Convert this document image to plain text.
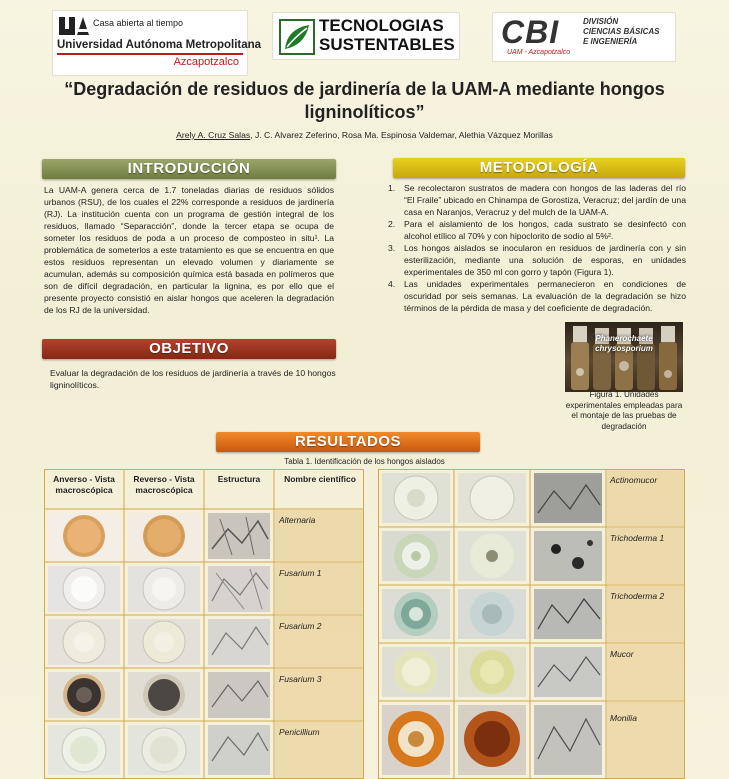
Casa abierta al tiempo
Universidad Autónoma Metropolitana
Azcapotzalco
TECNOLOGIAS
SUSTENTABLES CBI	DIVISIÓN
CIENCIAS BÁSICAS
E INGENIERÍA
UAM - Azcapotzalco
“Degradación de residuos de jardinería de la UAM-A mediante hongos
ligninolíticos”
Arely A. Cruz Salas, J. C. Alvarez Zeferino, Rosa Ma. Espinosa Valdemar, Alethia Vázquez Morillas
INTRODUCCIÓN
La UAM-A genera cerca de 1.7 toneladas diarias de residuos sólidos urbanos (RSU), de los cuales el 22% corresponde a residuos de jardinería (RJ). La institución cuenta con un programa de gestión integral de los residuos, llamado “Separacción”, donde la tercer etapa se ocupa de someter los residuos de poda a un proceso de composteo in situ¹. La problemática de someterlos a este tratamiento es que se encuentra en que estos residuos representan un elevado volumen y diariamente se acumulan, además su composición química está basada en polímeros que son de difícil degradación, en particular la lignina, es por ello que el presente proyecto consistió en aislar hongos que aceleren la degradación de los RJ de la universidad.
OBJETIVO
Evaluar la degradación de los residuos de jardinería a través de 10 hongos ligninolíticos.
METODOLOGÍA
1.	Se recolectaron sustratos de madera con hongos de las laderas del río “El Fraile” ubicado en Chinampa de Gorostiza, Veracruz; del jardín de una casa en Naranjos, Veracruz y del mulch de la UAM-A.
2.	Para el aislamiento de los hongos, cada sustrato se desinfectó con alcohol etílico al 70% y con hipoclorito de sodio al 5%².
3.	Los hongos aislados se inocularon en residuos de jardinería con y sin esterilización, mediante una solución de esporas, en unidades experimentales de 350 ml con gorro y tapón (Figura 1).
4.	Las unidades experimentales permanecieron en condiciones de oscuridad por seis semanas. La evaluación de la degradación se hizo términos de la pérdida de masa y del coeficiente de degradación.
Phanerochaete
chrysosporium
Figura 1. Unidades experimentales empleadas para el montaje de las pruebas de degradación
RESULTADOS
Tabla 1. Identificación de los hongos aislados
Anverso - Vista macroscópica
Reverso - Vista macroscópica
Estructura	Nombre científico
Alternaria
Fusarium 1
Fusarium 2
Fusarium 3
Penicillium
Actinomucor
Trichoderma 1
Trichoderma 2
Mucor
Monilia
